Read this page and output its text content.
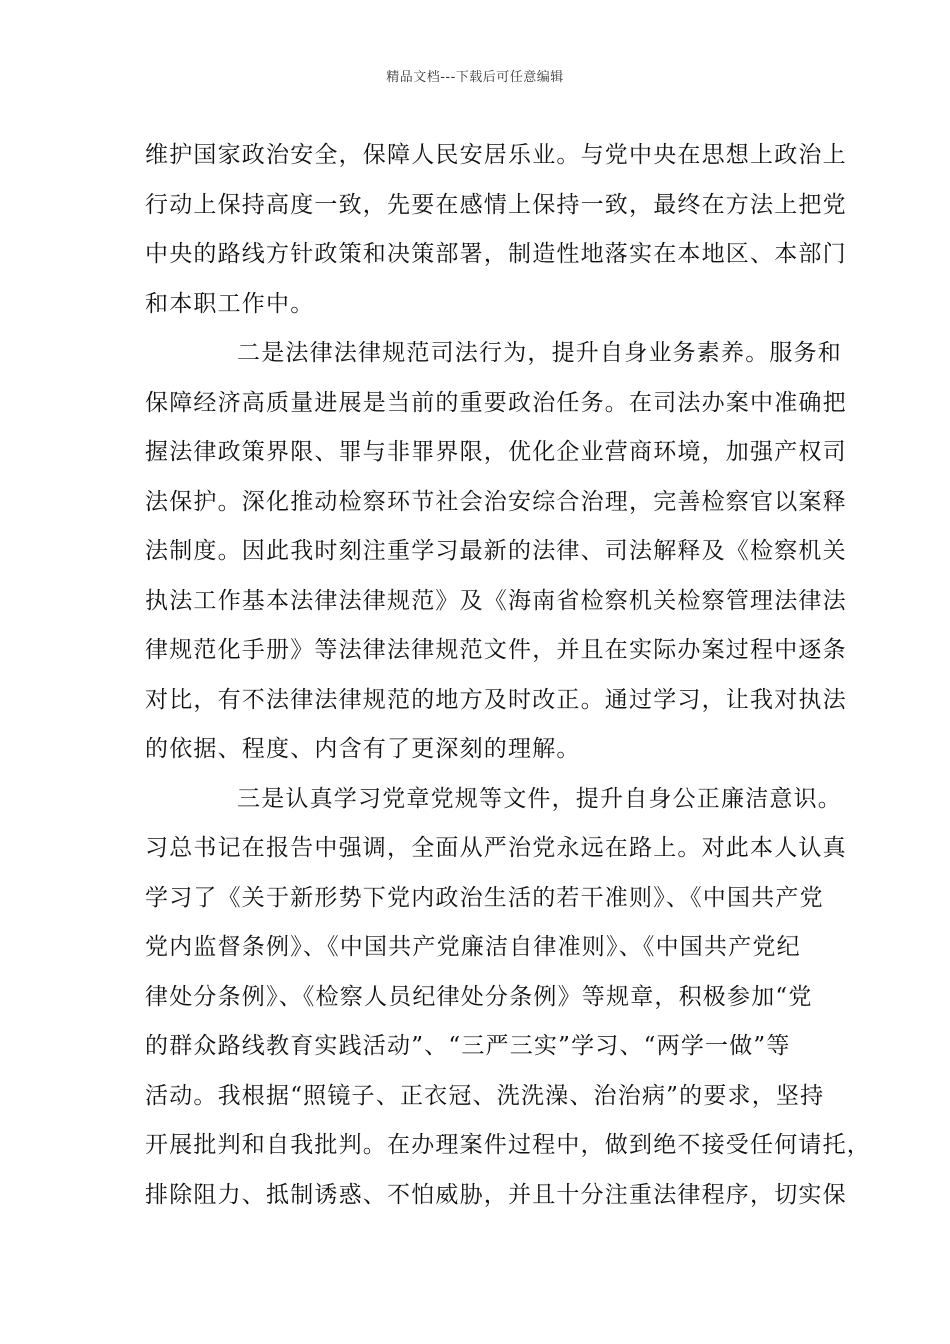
精品文档---下载后可任意编辑
维护国家政治安全，保障人民安居乐业。与党中央在思想上政治上
行动上保持高度一致，先要在感情上保持一致，最终在方法上把党
中央的路线方针政策和决策部署，制造性地落实在本地区、本部门
和本职工作中。
二是法律法律规范司法行为，提升自身业务素养。服务和
保障经济高质量进展是当前的重要政治任务。在司法办案中准确把
握法律政策界限、罪与非罪界限，优化企业营商环境，加强产权司
法保护。深化推动检察环节社会治安综合治理，完善检察官以案释
法制度。因此我时刻注重学习最新的法律、司法解释及《检察机关
执法工作基本法律法律规范》及《海南省检察机关检察管理法律法
律规范化手册》等法律法律规范文件，并且在实际办案过程中逐条
对比，有不法律法律规范的地方及时改正。通过学习，让我对执法
的依据、程度、内含有了更深刻的理解。
三是认真学习党章党规等文件，提升自身公正廉洁意识。
习总书记在报告中强调，全面从严治党永远在路上。对此本人认真
学习了《关于新形势下党内政治生活的若干准则》、《中国共产党
党内监督条例》、《中国共产党廉洁自律准则》、《中国共产党纪
律处分条例》、《检察人员纪律处分条例》等规章，积极参加“党
的群众路线教育实践活动”、“三严三实”学习、“两学一做”等
活动。我根据“照镜子、正衣冠、洗洗澡、治治病”的要求，坚持
开展批判和自我批判。在办理案件过程中，做到绝不接受任何请托，
排除阻力、抵制诱惑、不怕威胁，并且十分注重法律程序，切实保
